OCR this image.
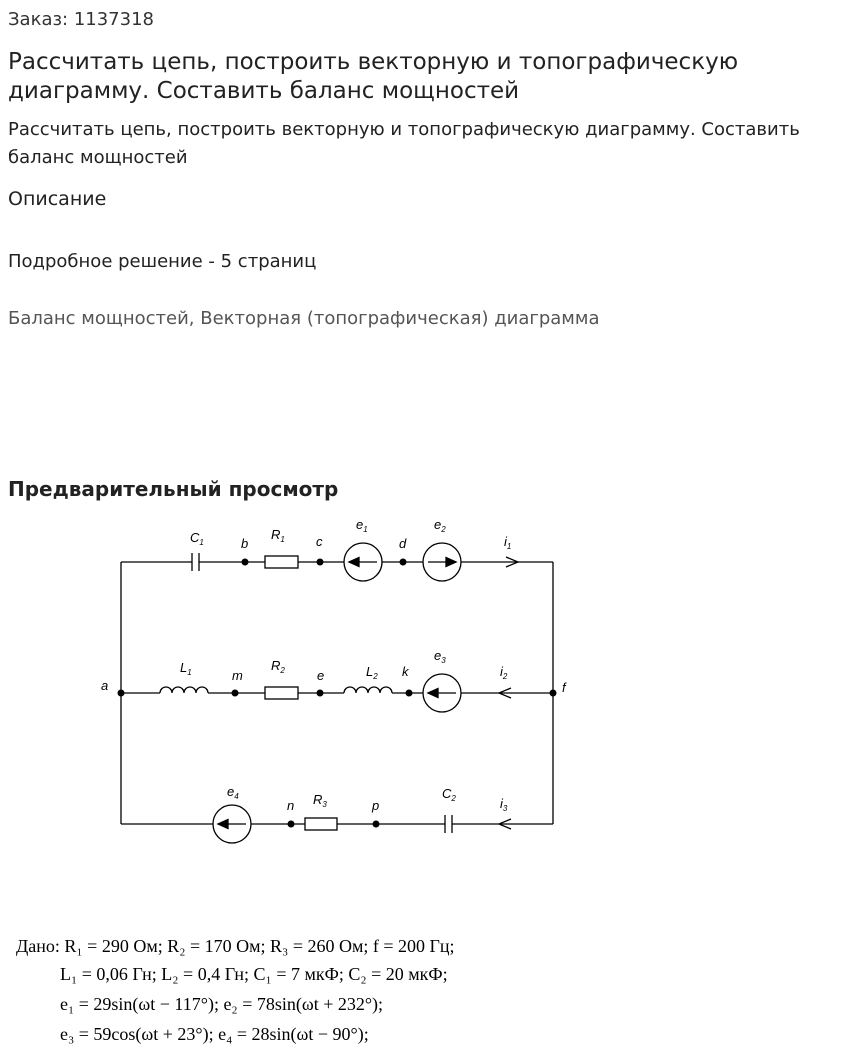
Заказ: 1137318
Рассчитать цепь, построить векторную и топографическую диаграмму. Составить баланс мощностей
Рассчитать цепь, построить векторную и топографическую диаграмму. Составить баланс мощностей
Описание
Подробное решение - 5 страниц
Баланс мощностей, Векторная (топографическая) диаграмма
Предварительный просмотр
$C_1$	b
$R_1$ c
$e_1$
d
$e_2$
$i_1$
a
$L_1$	m
$R_2$ e	$L_2$ k
$e_3$
$i_2$
f
$e_4$
n $R_3$	p
$C_2$	$i_3$
Дано: R₁ = 290 Ом; R₂ = 170 Ом; R₃ = 260 Ом; f = 200 Гц;
L₁ = 0,06 Гн; L₂ = 0,4 Гн; C₁ = 7 мкФ; C₂ = 20 мкФ;
e₁ = 29sin(ωt − 117°); e₂ = 78sin(ωt + 232°);
e₃ = 59cos(ωt + 23°); e₄ = 28sin(ωt − 90°);
